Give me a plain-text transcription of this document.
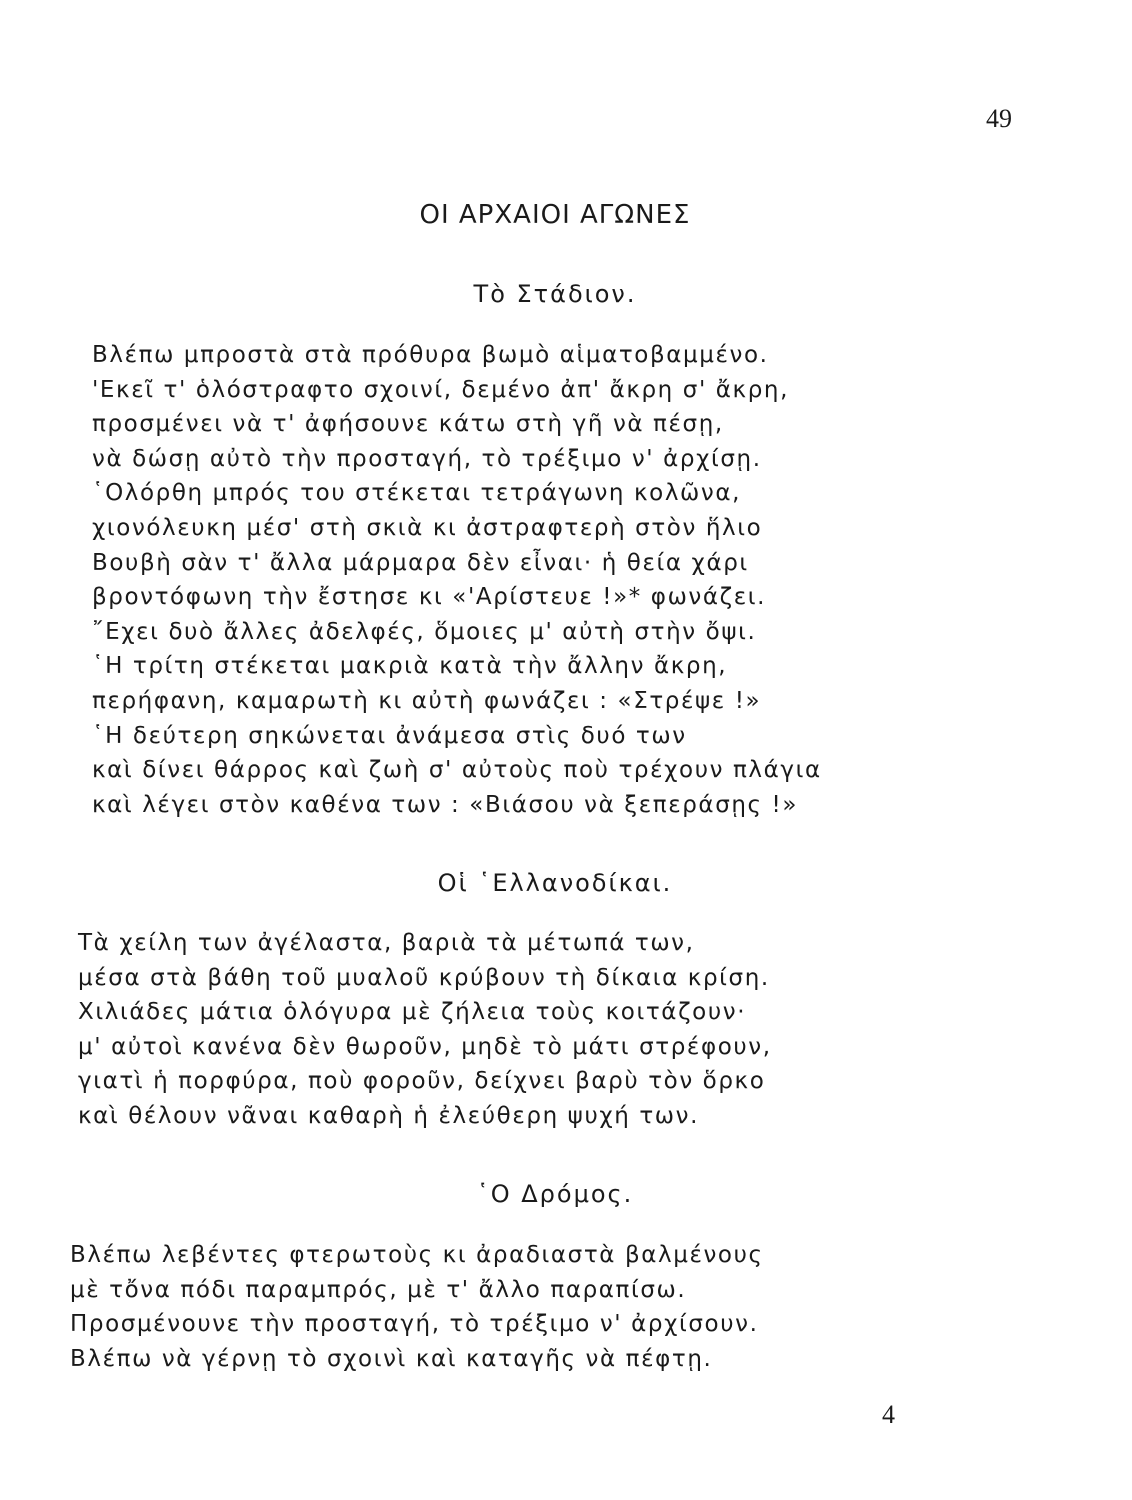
49
ΟΙ ΑΡΧΑΙΟΙ ΑΓΩΝΕΣ
Τὸ Στάδιον.
Βλέπω μπροστὰ στὰ πρόθυρα βωμὸ αἱματοβαμμένο.
'Εκεῖ τ' ὁλόστραφτο σχοινί, δεμένο ἀπ' ἄκρη σ' ἄκρη,
προσμένει νὰ τ' ἀφήσουνε κάτω στὴ γῆ νὰ πέσῃ,
νὰ δώσῃ αὐτὸ τὴν προσταγή, τὸ τρέξιμο ν' ἀρχίσῃ.
῾Ολόρθη μπρός του στέκεται τετράγωνη κολῶνα,
χιονόλευκη μέσ' στὴ σκιὰ κι ἀστραφτερὴ στὸν ἥλιο
Βουβὴ σὰν τ' ἄλλα μάρμαρα δὲν εἶναι· ἡ θεία χάρι
βροντόφωνη τὴν ἔστησε κι «'Αρίστευε !»* φωνάζει.
῎Εχει δυὸ ἄλλες ἀδελφές, ὅμοιες μ' αὐτὴ στὴν ὄψι.
῾Η τρίτη στέκεται μακριὰ κατὰ τὴν ἄλλην ἄκρη,
περήφανη, καμαρωτὴ κι αὐτὴ φωνάζει : «Στρέψε !»
῾Η δεύτερη σηκώνεται ἀνάμεσα στὶς δυό των
καὶ δίνει θάρρος καὶ ζωὴ σ' αὐτοὺς ποὺ τρέχουν πλάγια
καὶ λέγει στὸν καθένα των : «Βιάσου νὰ ξεπεράσῃς !»
Οἱ ῾Ελλανοδίκαι.
Τὰ χείλη των ἀγέλαστα, βαριὰ τὰ μέτωπά των,
μέσα στὰ βάθη τοῦ μυαλοῦ κρύβουν τὴ δίκαια κρίση.
Χιλιάδες μάτια ὁλόγυρα μὲ ζήλεια τοὺς κοιτάζουν·
μ' αὐτοὶ κανένα δὲν θωροῦν, μηδὲ τὸ μάτι στρέφουν,
γιατὶ ἡ πορφύρα, ποὺ φοροῦν, δείχνει βαρὺ τὸν ὅρκο
καὶ θέλουν νᾶναι καθαρὴ ἡ ἐλεύθερη ψυχή των.
῾Ο Δρόμος.
Βλέπω λεβέντες φτερωτοὺς κι ἀραδιαστὰ βαλμένους
μὲ τὄνα πόδι παραμπρός, μὲ τ' ἄλλο παραπίσω.
Προσμένουνε τὴν προσταγή, τὸ τρέξιμο ν' ἀρχίσουν.
Βλέπω νὰ γέρνῃ τὸ σχοινὶ καὶ καταγῆς νὰ πέφτῃ.
4
